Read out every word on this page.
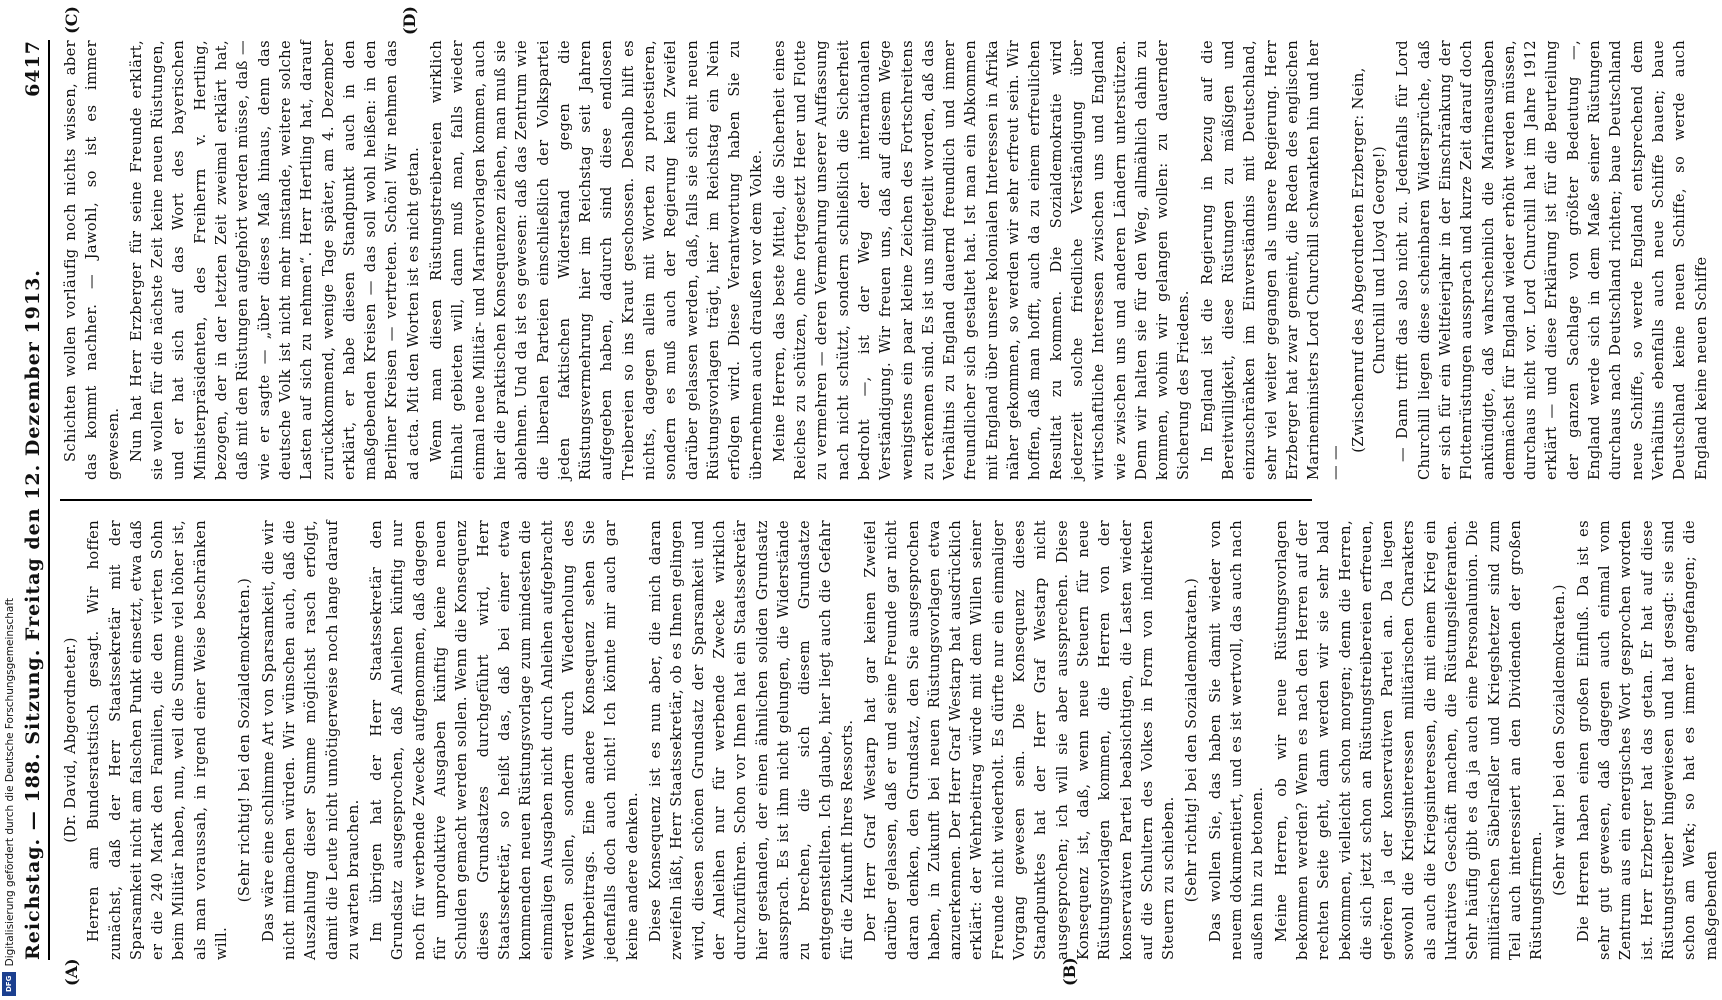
Reichstag. — 188. Sitzung. Freitag den 12. Dezember 1913.
6417

(Dr. David, Abgeordneter.) Herren am Bundesratstisch gesagt. Wir hoffen zunächst, daß der Herr Staatssekretär mit der Sparsamkeit nicht am falschen Punkt einsetzt, etwa daß er die 240 Mark den Familien, die den vierten Sohn beim Militär haben, nun, weil die Summe viel höher ist, als man voraussah, in irgend einer Weise beschränken will.

(Sehr richtig! bei den Sozialdemokraten.) Das wäre eine schlimme Art von Sparsamkeit, die wir nicht mitmachen würden. Wir wünschen auch, daß die Auszahlung dieser Summe möglichst rasch erfolgt, damit die Leute nicht unnötigerweise noch lange darauf zu warten brauchen. Im übrigen hat der Herr Staatssekretär den Grundsatz ausgesprochen, daß Anleihen künftig nur noch für werbende Zwecke aufgenommen, daß dagegen für unproduktive Ausgaben künftig keine neuen Schulden gemacht werden sollen. Wenn die Konsequenz dieses Grundsatzes durchgeführt wird, Herr Staatssekretär, so heißt das, daß bei einer etwa kommenden neuen Rüstungsvorlage zum mindesten die einmaligen Ausgaben nicht durch Anleihen aufgebracht werden sollen, sondern durch Wiederholung des Wehrbeitrags. Eine andere Konsequenz sehen Sie jedenfalls doch auch nicht! Ich könnte mir auch gar keine andere denken. Diese Konsequenz ist es nun aber, die mich daran zweifeln läßt, Herr Staatssekretär, ob es Ihnen gelingen wird, diesen schönen Grundsatz der Sparsamkeit und der Anleihen nur für werbende Zwecke wirklich durchzuführen. Schon vor Ihnen hat ein Staatssekretär hier gestanden, der einen ähnlichen soliden Grundsatz aussprach. Es ist ihm nicht gelungen, die Widerstände zu brechen, die sich diesem Grundsatze entgegenstellten. Ich glaube, hier liegt auch die Gefahr für die Zukunft Ihres Ressorts. Der Herr Graf Westarp hat gar keinen Zweifel darüber gelassen, daß er und seine Freunde gar nicht daran denken, den Grundsatz, den Sie ausgesprochen haben, in Zukunft bei neuen Rüstungsvorlagen etwa anzuerkennen. Der Herr Graf Westarp hat ausdrücklich erklärt: der Wehrbeitrag würde mit dem Willen seiner Freunde nicht wiederholt. Es dürfte nur ein einmaliger Vorgang gewesen sein. Die Konsequenz dieses Standpunktes hat der Herr Graf Westarp nicht ausgesprochen; ich will sie aber aussprechen. Diese Konsequenz ist, daß, wenn neue Steuern für neue Rüstungsvorlagen kommen, die Herren von der konservativen Partei beabsichtigen, die Lasten wieder auf die Schultern des Volkes in Form von indirekten Steuern zu schieben. (Sehr richtig! bei den Sozialdemokraten.) Das wollen Sie, das haben Sie damit wieder von neuem dokumentiert, und es ist wertvoll, das auch nach außen hin zu betonen. Meine Herren, ob wir neue Rüstungsvorlagen bekommen werden? Wenn es nach den Herren auf der rechten Seite geht, dann werden wir sie sehr bald bekommen, vielleicht schon morgen; denn die Herren, die sich jetzt schon an Rüstungstreibereien erfreuen, gehören ja der konservativen Partei an. Da liegen sowohl die Kriegsinteressen militärischen Charakters als auch die Kriegsinteressen, die mit einem Krieg ein lukratives Geschäft machen, die Rüstungslieferanten. Sehr häufig gibt es da ja auch eine Personalunion. Die militärischen Säbelraßler und Kriegshetzer sind zum Teil auch interessiert an den Dividenden der großen Rüstungsfirmen. (Sehr wahr! bei den Sozialdemokraten.) Die Herren haben einen großen Einfluß. Da ist es sehr gut gewesen, daß dagegen auch einmal vom Zentrum aus ein energisches Wort gesprochen worden ist. Herr Erzberger hat das getan. Er hat auf diese Rüstungstreiber hingewiesen und hat gesagt: sie sind schon am Werk; so hat es immer angefangen; die maßgebenden

Schichten wollen vorläufig noch nichts wissen, aber das kommt nachher. — Jawohl, so ist es immer gewesen. Nun hat Herr Erzberger für seine Freunde erklärt, sie wollen für die nächste Zeit keine neuen Rüstungen, und er hat sich auf das Wort des bayerischen Ministerpräsidenten, des Freiherrn v. Hertling, bezogen, der in der letzten Zeit zweimal erklärt hat, daß mit den Rüstungen aufgehört werden müsse, daß — wie er sagte — „über dieses Maß hinaus, denn das deutsche Volk ist nicht mehr imstande, weitere solche Lasten auf sich zu nehmen“. Herr Hertling hat, darauf zurückkommend, wenige Tage später, am 4. Dezember erklärt, er habe diesen Standpunkt auch in den maßgebenden Kreisen — das soll wohl heißen: in den Berliner Kreisen — vertreten. Schön! Wir nehmen das ad acta. Mit den Worten ist es nicht getan. Wenn man diesen Rüstungstreibereien wirklich Einhalt gebieten will, dann muß man, falls wieder einmal neue Militär- und Marinevorlagen kommen, auch hier die praktischen Konsequenzen ziehen, man muß sie ablehnen. Und da ist es gewesen: daß das Zentrum wie die liberalen Parteien einschließlich der Volkspartei jeden faktischen Widerstand gegen die Rüstungsvermehrung hier im Reichstag seit Jahren aufgegeben haben, dadurch sind diese endlosen Treibereien so ins Kraut geschossen. Deshalb hilft es nichts, dagegen allein mit Worten zu protestieren, sondern es muß auch der Regierung kein Zweifel darüber gelassen werden, daß, falls sie sich mit neuen Rüstungsvorlagen trägt, hier im Reichstag ein Nein erfolgen wird. Diese Verantwortung haben Sie zu übernehmen auch draußen vor dem Volke. Meine Herren, das beste Mittel, die Sicherheit eines Reiches zu schützen, ohne fortgesetzt Heer und Flotte zu vermehren — deren Vermehrung unserer Auffassung nach nicht schützt, sondern schließlich die Sicherheit bedroht —, ist der Weg der internationalen Verständigung. Wir freuen uns, daß auf diesem Wege wenigstens ein paar kleine Zeichen des Fortschreitens zu erkennen sind. Es ist uns mitgeteilt worden, daß das Verhältnis zu England dauernd freundlich und immer freundlicher sich gestaltet hat. Ist man ein Abkommen mit England über unsere kolonialen Interessen in Afrika näher gekommen, so werden wir sehr erfreut sein. Wir hoffen, daß man hofft, auch da zu einem erfreulichen Resultat zu kommen. Die Sozialdemokratie wird jederzeit solche friedliche Verständigung über wirtschaftliche Interessen zwischen uns und England wie zwischen uns und anderen Ländern unterstützen. Denn wir halten sie für den Weg, allmählich dahin zu kommen, wohin wir gelangen wollen: zu dauernder Sicherung des Friedens. In England ist die Regierung in bezug auf die Bereitwilligkeit, diese Rüstungen zu mäßigen und einzuschränken im Einverständnis mit Deutschland, sehr viel weiter gegangen als unsere Regierung. Herr Erzberger hat zwar gemeint, die Reden des englischen Marineministers Lord Churchill schwankten hin und her — —

(Zwischenruf des Abgeordneten Erzberger: Nein, Churchill und Lloyd George!) — Dann trifft das also nicht zu. Jedenfalls für Lord Churchill liegen diese scheinbaren Widersprüche, daß er sich für ein Weltfeierjahr in der Einschränkung der Flottenrüstungen aussprach und kurze Zeit darauf doch ankündigte, daß wahrscheinlich die Marineausgaben demnächst für England wieder erhöht werden müssen, durchaus nicht vor. Lord Churchill hat im Jahre 1912 erklärt — und diese Erklärung ist für die Beurteilung der ganzen Sachlage von größter Bedeutung —, England werde sich in dem Maße seiner Rüstungen durchaus nach Deutschland richten; baue Deutschland neue Schiffe, so werde England entsprechend dem Verhältnis ebenfalls auch neue Schiffe bauen; baue Deutschland keine neuen Schiffe, so werde auch England keine neuen Schiffe

(A)	(B)
(C)	(D)
Digitalisierung gefördert durch die Deutsche Forschungsgemeinschaft
DFG
